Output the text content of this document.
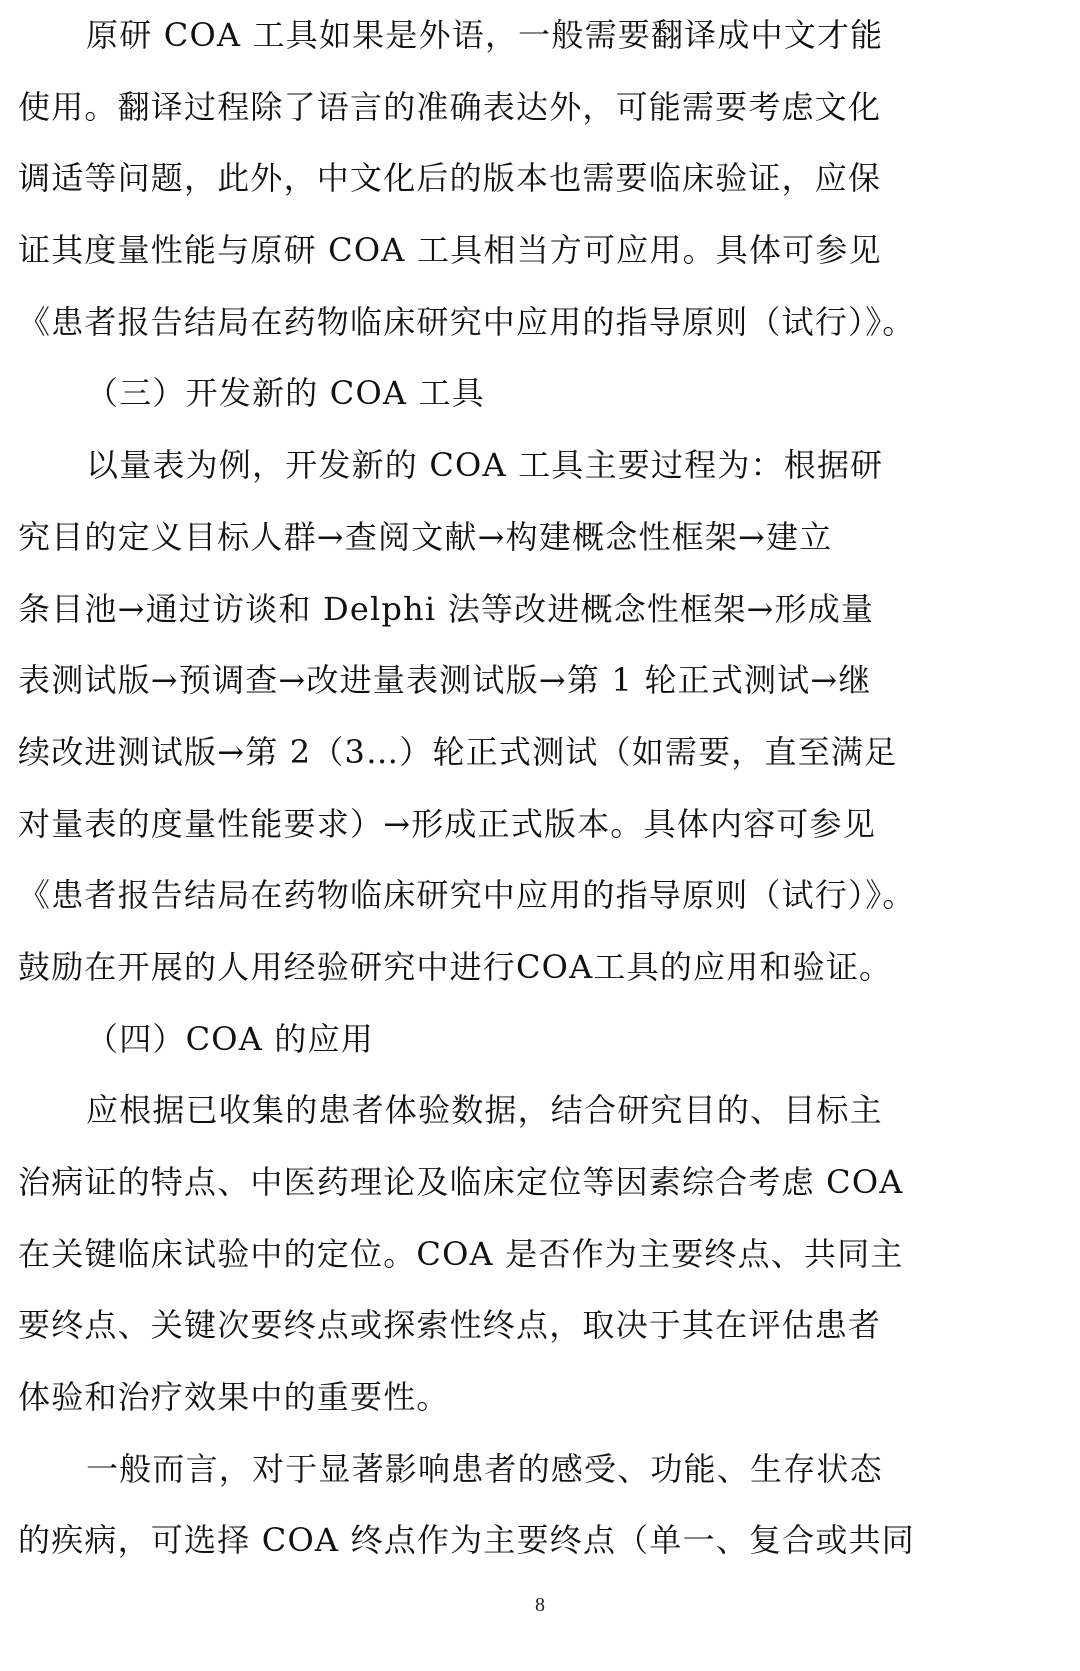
原研 COA 工具如果是外语，一般需要翻译成中文才能
使用。翻译过程除了语言的准确表达外，可能需要考虑文化
调适等问题，此外，中文化后的版本也需要临床验证，应保
证其度量性能与原研 COA 工具相当方可应用。具体可参见
《患者报告结局在药物临床研究中应用的指导原则（试行）》。
（三）开发新的 COA 工具
以量表为例，开发新的 COA 工具主要过程为：根据研
究目的定义目标人群→查阅文献→构建概念性框架→建立
条目池→通过访谈和 Delphi 法等改进概念性框架→形成量
表测试版→预调查→改进量表测试版→第 1 轮正式测试→继
续改进测试版→第 2（3…）轮正式测试（如需要，直至满足
对量表的度量性能要求）→形成正式版本。具体内容可参见
《患者报告结局在药物临床研究中应用的指导原则（试行）》。
鼓励在开展的人用经验研究中进行COA工具的应用和验证。
（四）COA 的应用
应根据已收集的患者体验数据，结合研究目的、目标主
治病证的特点、中医药理论及临床定位等因素综合考虑 COA
在关键临床试验中的定位。COA 是否作为主要终点、共同主
要终点、关键次要终点或探索性终点，取决于其在评估患者
体验和治疗效果中的重要性。
一般而言，对于显著影响患者的感受、功能、生存状态
的疾病，可选择 COA 终点作为主要终点（单一、复合或共同
8
